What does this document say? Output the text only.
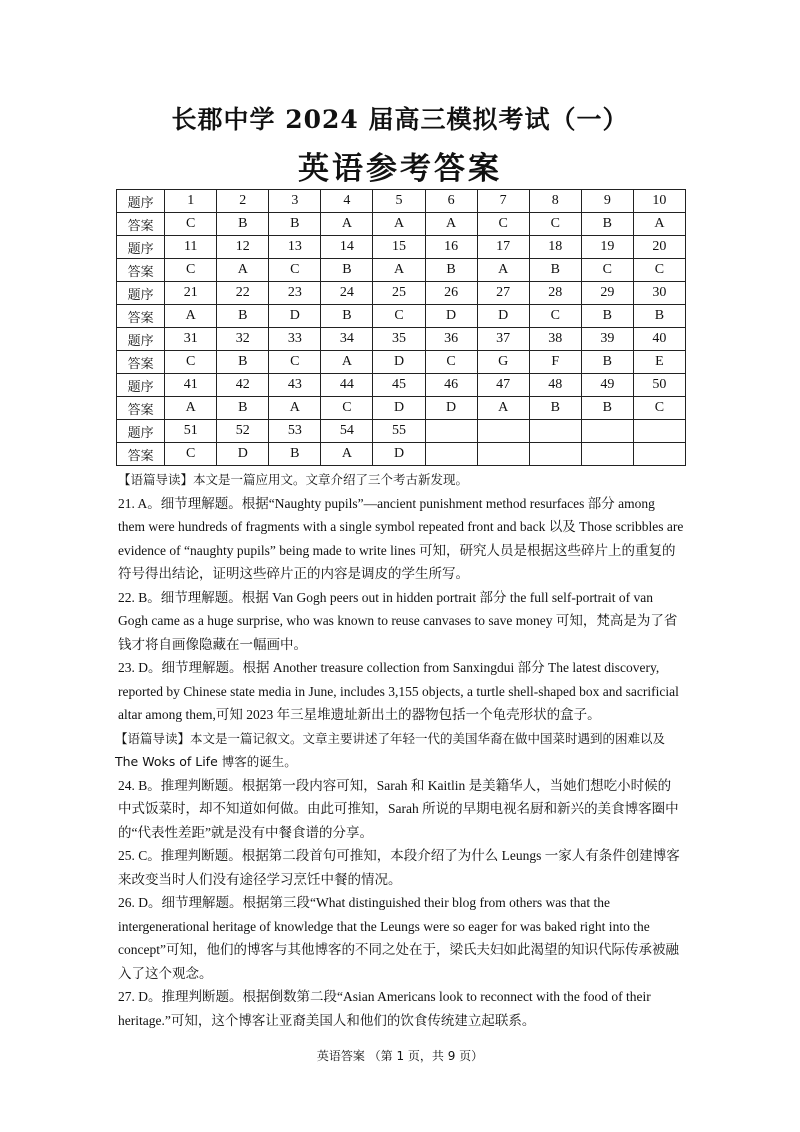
长郡中学 2024 届高三模拟考试（一）
英语参考答案
题序	1	2	3	4	5	6	7	8	9	10
答案	C	B	B	A	A	A	C	C	B	A
题序	11	12	13	14	15	16	17	18	19	20
答案	C	A	C	B	A	B	A	B	C	C
题序	21	22	23	24	25	26	27	28	29	30
答案	A	B	D	B	C	D	D	C	B	B
题序	31	32	33	34	35	36	37	38	39	40
答案	C	B	C	A	D	C	G	F	B	E
题序	41	42	43	44	45	46	47	48	49	50
答案	A	B	A	C	D	D	A	B	B	C
题序	51	52	53	54	55					
答案	C	D	B	A	D					

【语篇导读】本文是一篇应用文。文章介绍了三个考古新发现。

21. A。细节理解题。根据“Naughty pupils”—ancient punishment method resurfaces 部分 among them were hundreds of fragments with a single symbol repeated front and back 以及 Those scribbles are evidence of “naughty pupils” being made to write lines 可知，研究人员是根据这些碎片上的重复的符号得出结论，证明这些碎片正的内容是调皮的学生所写。

22. B。细节理解题。根据 Van Gogh peers out in hidden portrait 部分 the full self-portrait of van Gogh came as a huge surprise, who was known to reuse canvases to save money 可知，梵高是为了省钱才将自画像隐藏在一幅画中。

23. D。细节理解题。根据 Another treasure collection from Sanxingdui 部分 The latest discovery, reported by Chinese state media in June, includes 3,155 objects, a turtle shell-shaped box and sacrificial altar among them,可知 2023 年三星堆遗址新出土的器物包括一个龟壳形状的盒子。

【语篇导读】本文是一篇记叙文。文章主要讲述了年轻一代的美国华裔在做中国菜时遇到的困难以及 The Woks of Life 博客的诞生。

24. B。推理判断题。根据第一段内容可知，Sarah 和 Kaitlin 是美籍华人，当她们想吃小时候的中式饭菜时，却不知道如何做。由此可推知，Sarah 所说的早期电视名厨和新兴的美食博客圈中的“代表性差距”就是没有中餐食谱的分享。

25. C。推理判断题。根据第二段首句可推知，本段介绍了为什么 Leungs 一家人有条件创建博客来改变当时人们没有途径学习烹饪中餐的情况。

26. D。细节理解题。根据第三段“What distinguished their blog from others was that the intergenerational heritage of knowledge that the Leungs were so eager for was baked right into the concept”可知，他们的博客与其他博客的不同之处在于，梁氏夫妇如此渴望的知识代际传承被融入了这个观念。

27. D。推理判断题。根据倒数第二段“Asian Americans look to reconnect with the food of their heritage.”可知，这个博客让亚裔美国人和他们的饮食传统建立起联系。

英语答案 （第 1 页，共 9 页）
